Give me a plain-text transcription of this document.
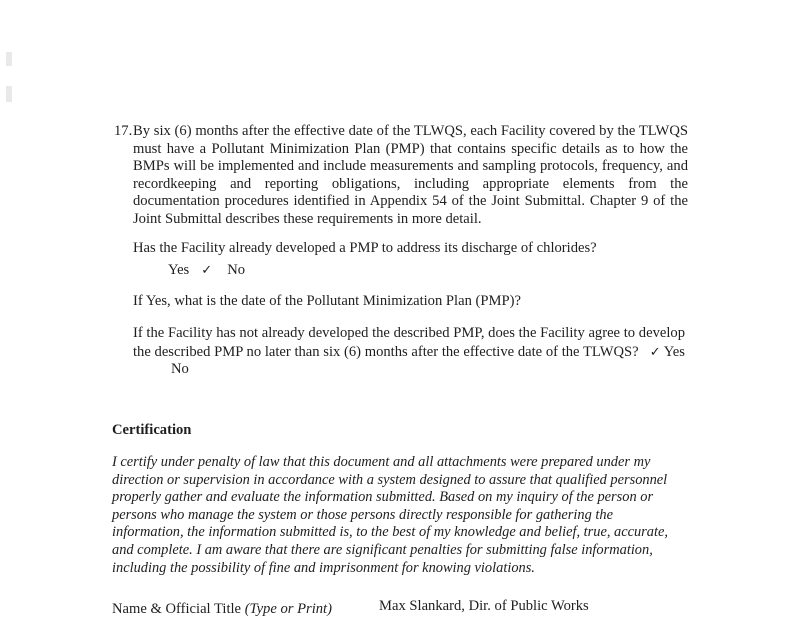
17. By six (6) months after the effective date of the TLWQS, each Facility covered by the TLWQS must have a Pollutant Minimization Plan (PMP) that contains specific details as to how the BMPs will be implemented and include measurements and sampling protocols, frequency, and recordkeeping and reporting obligations, including appropriate elements from the documentation procedures identified in Appendix 54 of the Joint Submittal. Chapter 9 of the Joint Submittal describes these requirements in more detail.
Has the Facility already developed a PMP to address its discharge of chlorides?
Yes ✓ No
If Yes, what is the date of the Pollutant Minimization Plan (PMP)?
If the Facility has not already developed the described PMP, does the Facility agree to develop the described PMP no later than six (6) months after the effective date of the TLWQS? ✓ YesNo
Certification
I certify under penalty of law that this document and all attachments were prepared under my direction or supervision in accordance with a system designed to assure that qualified personnel properly gather and evaluate the information submitted. Based on my inquiry of the person or persons who manage the system or those persons directly responsible for gathering the information, the information submitted is, to the best of my knowledge and belief, true, accurate, and complete. I am aware that there are significant penalties for submitting false information, including the possibility of fine and imprisonment for knowing violations.
Name & Official Title (Type or Print)	Max Slankard, Dir. of Public Works
